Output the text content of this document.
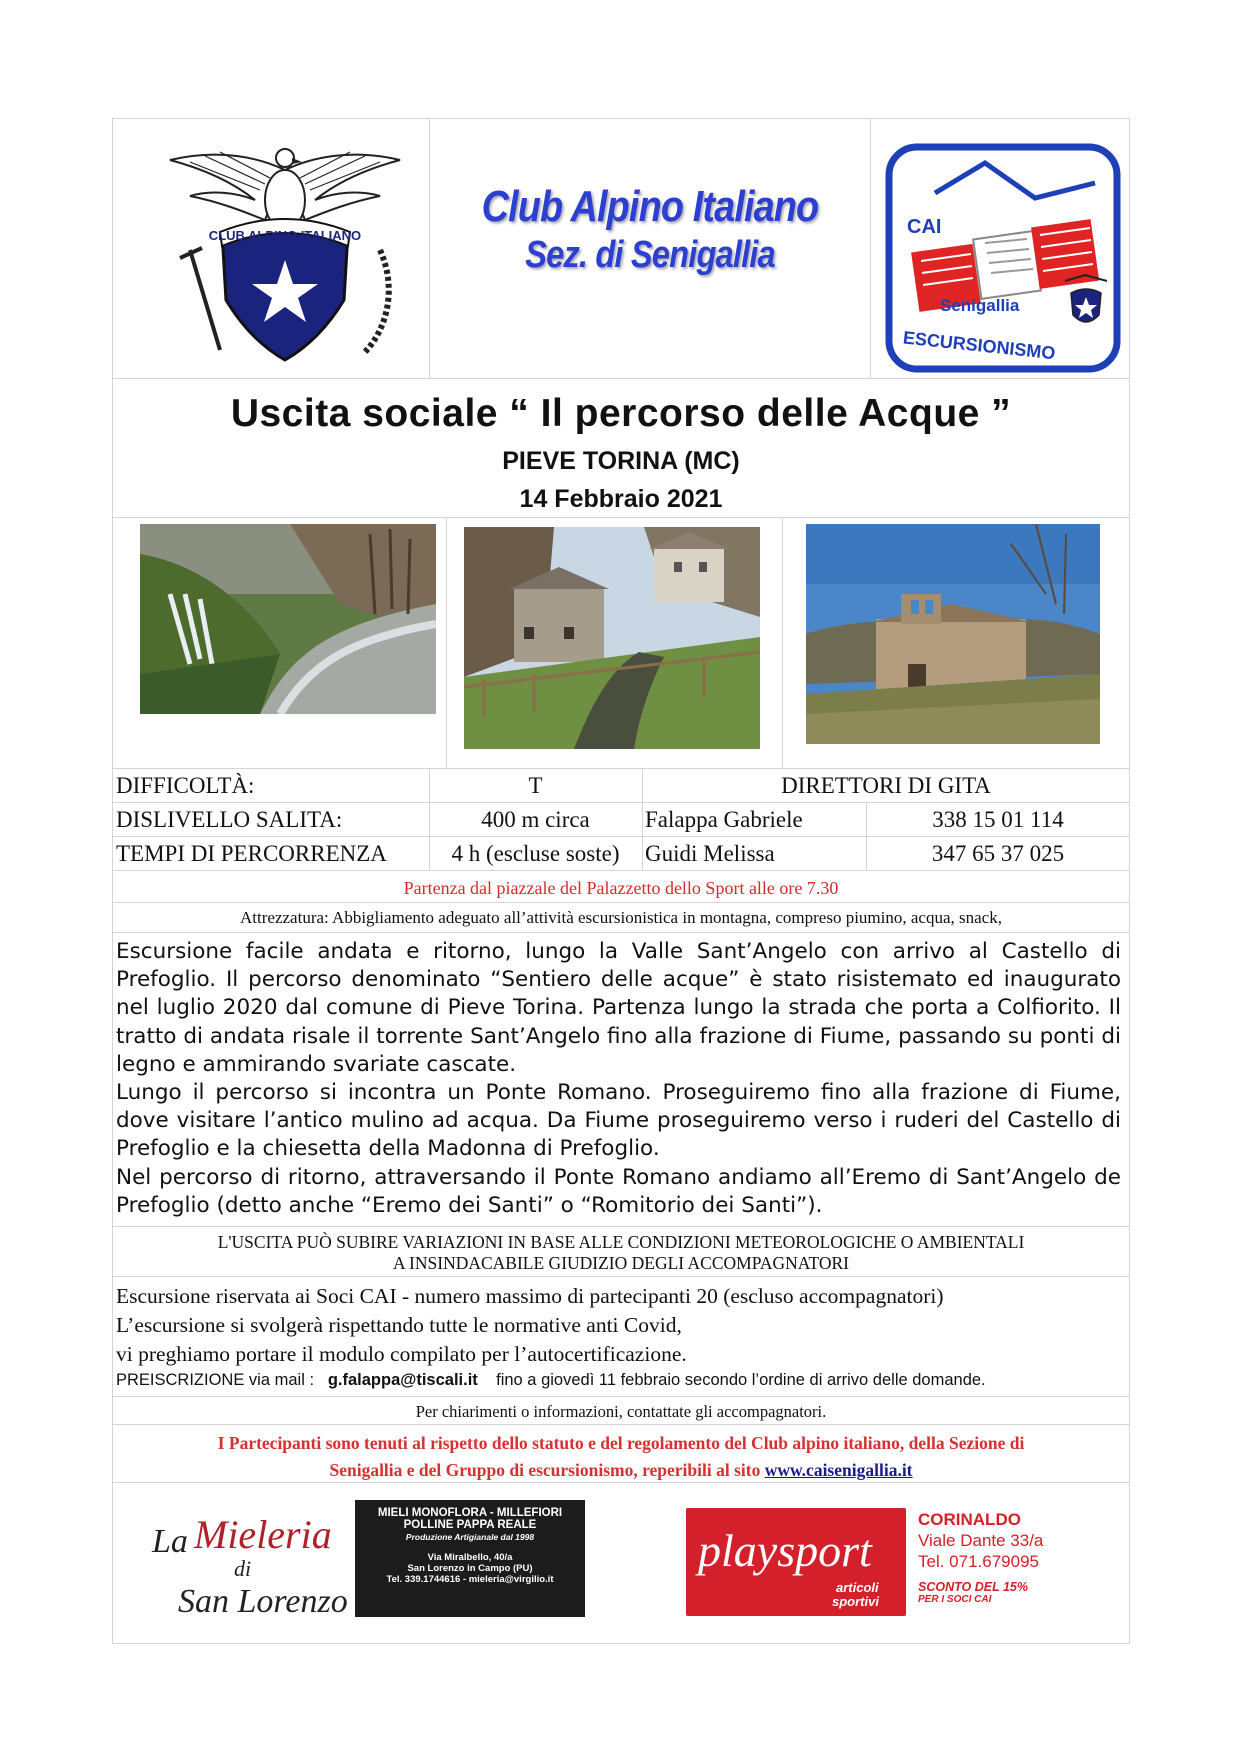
CLUB ALPINO ITALIANO
Club Alpino Italiano
Sez. di Senigallia
CAI
Senigallia
ESCURSIONISMO
Uscita sociale “ Il percorso delle Acque ”
PIEVE TORINA (MC)
14 Febbraio 2021
DIFFICOLTÀ:	T	DIRETTORI DI GITA
DISLIVELLO SALITA:	400 m circa	Falappa Gabriele	338 15 01 114
TEMPI DI PERCORRENZA	4 h (escluse soste)	Guidi Melissa	347 65 37 025
Partenza dal piazzale del Palazzetto dello Sport alle ore 7.30
Attrezzatura: Abbigliamento adeguato all’attività escursionistica in montagna, compreso piumino, acqua, snack,

Escursione facile andata e ritorno, lungo la Valle Sant’Angelo con arrivo al Castello di Prefoglio. Il percorso denominato “Sentiero delle acque” è stato risistemato ed inaugurato nel luglio 2020 dal comune di Pieve Torina. Partenza lungo la strada che porta a Colfiorito. Il tratto di andata risale il torrente Sant’Angelo fino alla frazione di Fiume, passando su ponti di legno e ammirando svariate cascate.

Lungo il percorso si incontra un Ponte Romano. Proseguiremo fino alla frazione di Fiume, dove visitare l’antico mulino ad acqua. Da Fiume proseguiremo verso i ruderi del Castello di Prefoglio e la chiesetta della Madonna di Prefoglio.

Nel percorso di ritorno, attraversando il Ponte Romano andiamo all’Eremo di Sant’Angelo de Prefoglio (detto anche “Eremo dei Santi” o “Romitorio dei Santi”).

L'USCITA PUÒ SUBIRE VARIAZIONI IN BASE ALLE CONDIZIONI METEOROLOGICHE O AMBIENTALI
A INSINDACABILE GIUDIZIO DEGLI ACCOMPAGNATORI
Escursione riservata ai Soci CAI - numero massimo di partecipanti 20 (escluso accompagnatori)
L’escursione si svolgerà rispettando tutte le normative anti Covid,
vi preghiamo portare il modulo compilato per l’autocertificazione.
PREISCRIZIONE via mail : g.falappa@tiscali.it fino a giovedì 11 febbraio secondo l’ordine di arrivo delle domande.
Per chiarimenti o informazioni, contattate gli accompagnatori.
I Partecipanti sono tenuti al rispetto dello statuto e del regolamento del Club alpino italiano, della Sezione di
Senigallia e del Gruppo di escursionismo, reperibili al sito www.caisenigallia.it
La Mieleria
di
San Lorenzo
MIELI MONOFLORA - MILLEFIORI
POLLINE PAPPA REALE
Produzione Artigianale dal 1998
Via Miralbello, 40/a
San Lorenzo in Campo (PU)
Tel. 339.1744616 - mieleria@virgilio.it
playsport
articoli
sportivi
CORINALDO
Viale Dante 33/a
Tel. 071.679095
SCONTO DEL 15%
PER I SOCI CAI
